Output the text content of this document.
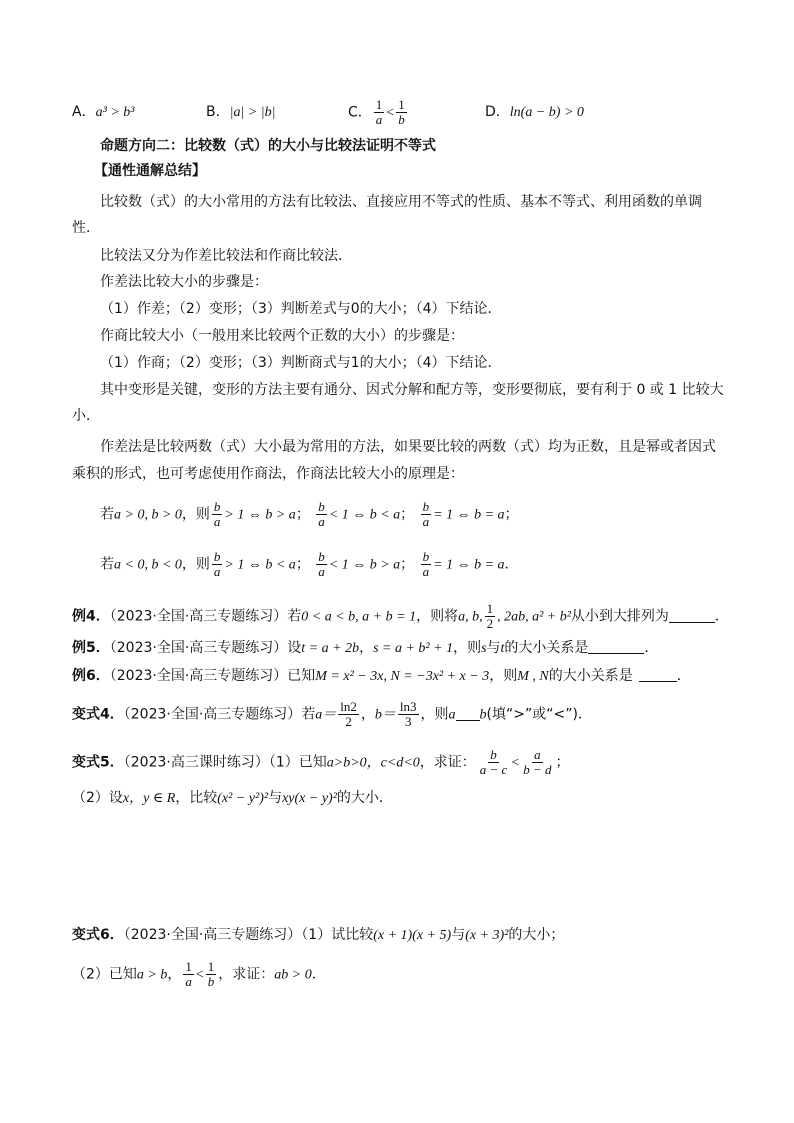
A．a³ > b³	B．|a| > |b|	C． $\frac{1}{a} < \frac{1}{b}$	D．ln(a − b) > 0
命题方向二：比较数（式）的大小与比较法证明不等式
【通性通解总结】
比较数（式）的大小常用的方法有比较法、直接应用不等式的性质、基本不等式、利用函数的单调
性．
比较法又分为作差比较法和作商比较法．
作差法比较大小的步骤是：
（1）作差；（2）变形；（3）判断差式与0的大小；（4）下结论．
作商比较大小（一般用来比较两个正数的大小）的步骤是：
（1）作商；（2）变形；（3）判断商式与1的大小；（4）下结论．
其中变形是关键，变形的方法主要有通分、因式分解和配方等，变形要彻底，要有利于 0 或 1 比较大
小．
作差法是比较两数（式）大小最为常用的方法，如果要比较的两数（式）均为正数，且是幂或者因式
乘积的形式，也可考虑使用作商法，作商法比较大小的原理是：
若a > 0, b > 0，则 $\frac{b}{a} > 1$ ⇔ b > a； $\frac{b}{a} < 1$ ⇔ b < a； $\frac{b}{a} = 1$ ⇔ b = a；
若a < 0, b < 0，则 $\frac{b}{a} > 1$ ⇔ b < a； $\frac{b}{a} < 1$ ⇔ b > a； $\frac{b}{a} = 1$ ⇔ b = a．
例4．（2023·全国·高三专题练习）若0 < a < b, a + b = 1，则将a, b, $\frac{1}{2}$ , 2ab, a² + b²从小到大排列为	．
例5．（2023·全国·高三专题练习）设t = a + 2b，s = a + b² + 1，则s与t的大小关系是	．
例6．（2023·全国·高三专题练习）已知M = x² − 3x, N = −3x² + x − 3，则M , N的大小关系是	．
变式4．（2023·全国·高三专题练习）若$a= \frac{\ln 2}{2}$ ，$b= \frac{\ln 3}{3}$ ，则a b(填“>”或“<”)．
变式5．（2023·高三课时练习）（1）已知a>b>0，c<d<0，求证： $\frac{b}{a - c} < \frac{a}{b - d}$ ；
（2）设x，y ∈ R，比较(x² − y²)²与xy(x − y)²的大小．
变式6．（2023·全国·高三专题练习）（1）试比较(x + 1)(x + 5)与(x + 3)²的大小；
（2）已知a > b， $\frac{1}{a} < \frac{1}{b}$ ，求证：ab > 0．
